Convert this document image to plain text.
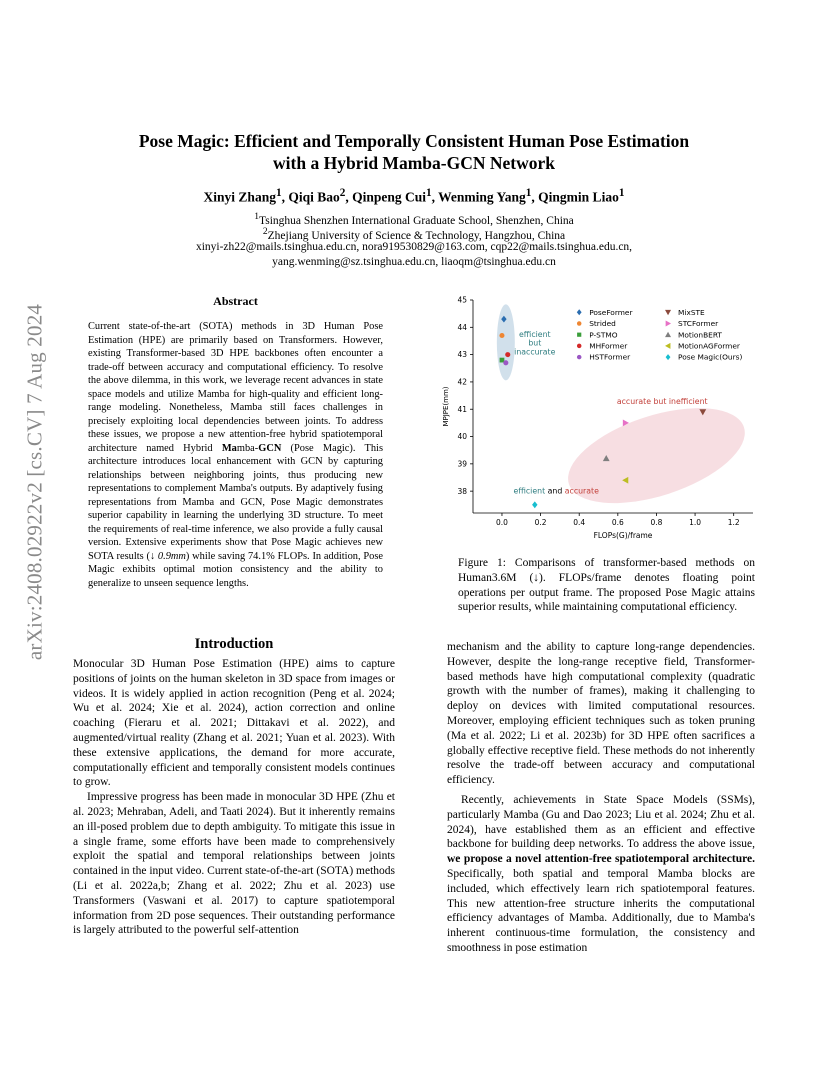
arXiv:2408.02922v2 [cs.CV] 7 Aug 2024
Pose Magic: Efficient and Temporally Consistent Human Pose Estimation
with a Hybrid Mamba-GCN Network
Xinyi Zhang$^1$, Qiqi Bao$^2$, Qinpeng Cui$^1$, Wenming Yang$^1$, Qingmin Liao$^1$
$^1$Tsinghua Shenzhen International Graduate School, Shenzhen, China
$^2$Zhejiang University of Science & Technology, Hangzhou, China
xinyi-zh22@mails.tsinghua.edu.cn, nora919530829@163.com, cqp22@mails.tsinghua.edu.cn,
yang.wenming@sz.tsinghua.edu.cn, liaoqm@tsinghua.edu.cn
Abstract
Current state-of-the-art (SOTA) methods in 3D Human Pose Estimation (HPE) are primarily based on Transformers. However, existing Transformer-based 3D HPE backbones often encounter a trade-off between accuracy and computational efficiency. To resolve the above dilemma, in this work, we leverage recent advances in state space models and utilize Mamba for high-quality and efficient long-range modeling. Nonetheless, Mamba still faces challenges in precisely exploiting local dependencies between joints. To address these issues, we propose a new attention-free hybrid spatiotemporal architecture named Hybrid Mamba-GCN (Pose Magic). This architecture introduces local enhancement with GCN by capturing relationships between neighboring joints, thus producing new representations to complement Mamba's outputs. By adaptively fusing representations from Mamba and GCN, Pose Magic demonstrates superior capability in learning the underlying 3D structure. To meet the requirements of real-time inference, we also provide a fully causal version. Extensive experiments show that Pose Magic achieves new SOTA results (↓ 0.9mm) while saving 74.1% FLOPs. In addition, Pose Magic exhibits optimal motion consistency and the ability to generalize to unseen sequence lengths.
Introduction

Monocular 3D Human Pose Estimation (HPE) aims to capture positions of joints on the human skeleton in 3D space from images or videos. It is widely applied in action recognition (Peng et al. 2024; Wu et al. 2024; Xie et al. 2024), action correction and online coaching (Fieraru et al. 2021; Dittakavi et al. 2022), and augmented/virtual reality (Zhang et al. 2021; Yuan et al. 2023). With these extensive applications, the demand for more accurate, computationally efficient and temporally consistent models continues to grow.

Impressive progress has been made in monocular 3D HPE (Zhu et al. 2023; Mehraban, Adeli, and Taati 2024). But it inherently remains an ill-posed problem due to depth ambiguity. To mitigate this issue in a single frame, some efforts have been made to comprehensively exploit the spatial and temporal relationships between joints contained in the input video. Current state-of-the-art (SOTA) methods (Li et al. 2022a,b; Zhang et al. 2022; Zhu et al. 2023) use Transformers (Vaswani et al. 2017) to capture spatiotemporal information from 2D pose sequences. Their outstanding performance is largely attributed to the powerful self-attention

mechanism and the ability to capture long-range dependencies. However, despite the long-range receptive field, Transformer-based methods have high computational complexity (quadratic growth with the number of frames), making it challenging to deploy on devices with limited computational resources. Moreover, employing efficient techniques such as token pruning (Ma et al. 2022; Li et al. 2023b) for 3D HPE often sacrifices a globally effective receptive field. These methods do not inherently resolve the trade-off between accuracy and computational efficiency.

Recently, achievements in State Space Models (SSMs), particularly Mamba (Gu and Dao 2023; Liu et al. 2024; Zhu et al. 2024), have established them as an efficient and effective backbone for building deep networks. To address the above issue, we propose a novel attention-free spatiotemporal architecture. Specifically, both spatial and temporal Mamba blocks are included, which effectively learn rich spatiotemporal features. This new attention-free structure inherits the computational efficiency advantages of Mamba. Additionally, due to Mamba's inherent continuous-time formulation, the consistency and smoothness in pose estimation

0.0	0.2	0.4	0.6	0.8	1.0	1.2
38
39
40
41
42
43
44
45
efficient
but
inaccurate
accurate but inefficient
efficient and accurate
PoseFormer
Strided
P-STMO
MHFormer
HSTFormer
MixSTE
STCFormer
MotionBERT
MotionAGFormer
Pose Magic(Ours)
FLOPs(G)/frame
MPJPE(mm)
Figure 1: Comparisons of transformer-based methods on Human3.6M (↓). FLOPs/frame denotes floating point operations per output frame. The proposed Pose Magic attains superior results, while maintaining computational efficiency.
